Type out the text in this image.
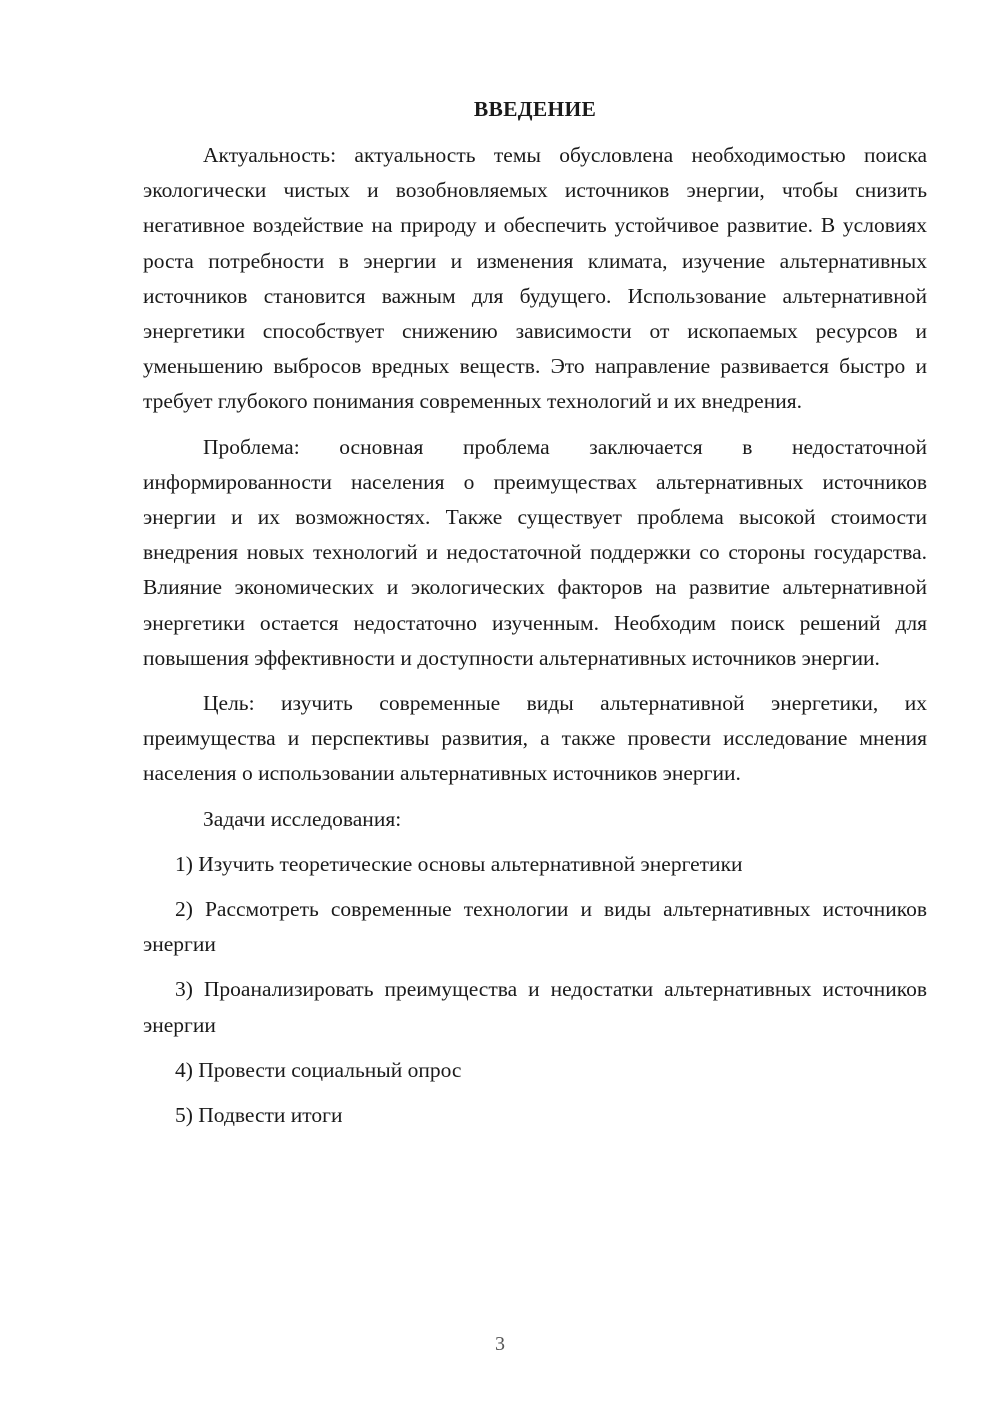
ВВЕДЕНИЕ

Актуальность: актуальность темы обусловлена необходимостью поиска экологически чистых и возобновляемых источников энергии, чтобы снизить негативное воздействие на природу и обеспечить устойчивое развитие. В условиях роста потребности в энергии и изменения климата, изучение альтернативных источников становится важным для будущего. Использование альтернативной энергетики способствует снижению зависимости от ископаемых ресурсов и уменьшению выбросов вредных веществ. Это направление развивается быстро и требует глубокого понимания современных технологий и их внедрения.

Проблема: основная проблема заключается в недостаточной информированности населения о преимуществах альтернативных источников энергии и их возможностях. Также существует проблема высокой стоимости внедрения новых технологий и недостаточной поддержки со стороны государства. Влияние экономических и экологических факторов на развитие альтернативной энергетики остается недостаточно изученным. Необходим поиск решений для повышения эффективности и доступности альтернативных источников энергии.

Цель: изучить современные виды альтернативной энергетики, их преимущества и перспективы развития, а также провести исследование мнения населения о использовании альтернативных источников энергии.

Задачи исследования:

1) Изучить теоретические основы альтернативной энергетики

2) Рассмотреть современные технологии и виды альтернативных источников энергии

3) Проанализировать преимущества и недостатки альтернативных источников энергии

4) Провести социальный опрос

5) Подвести итоги

3
